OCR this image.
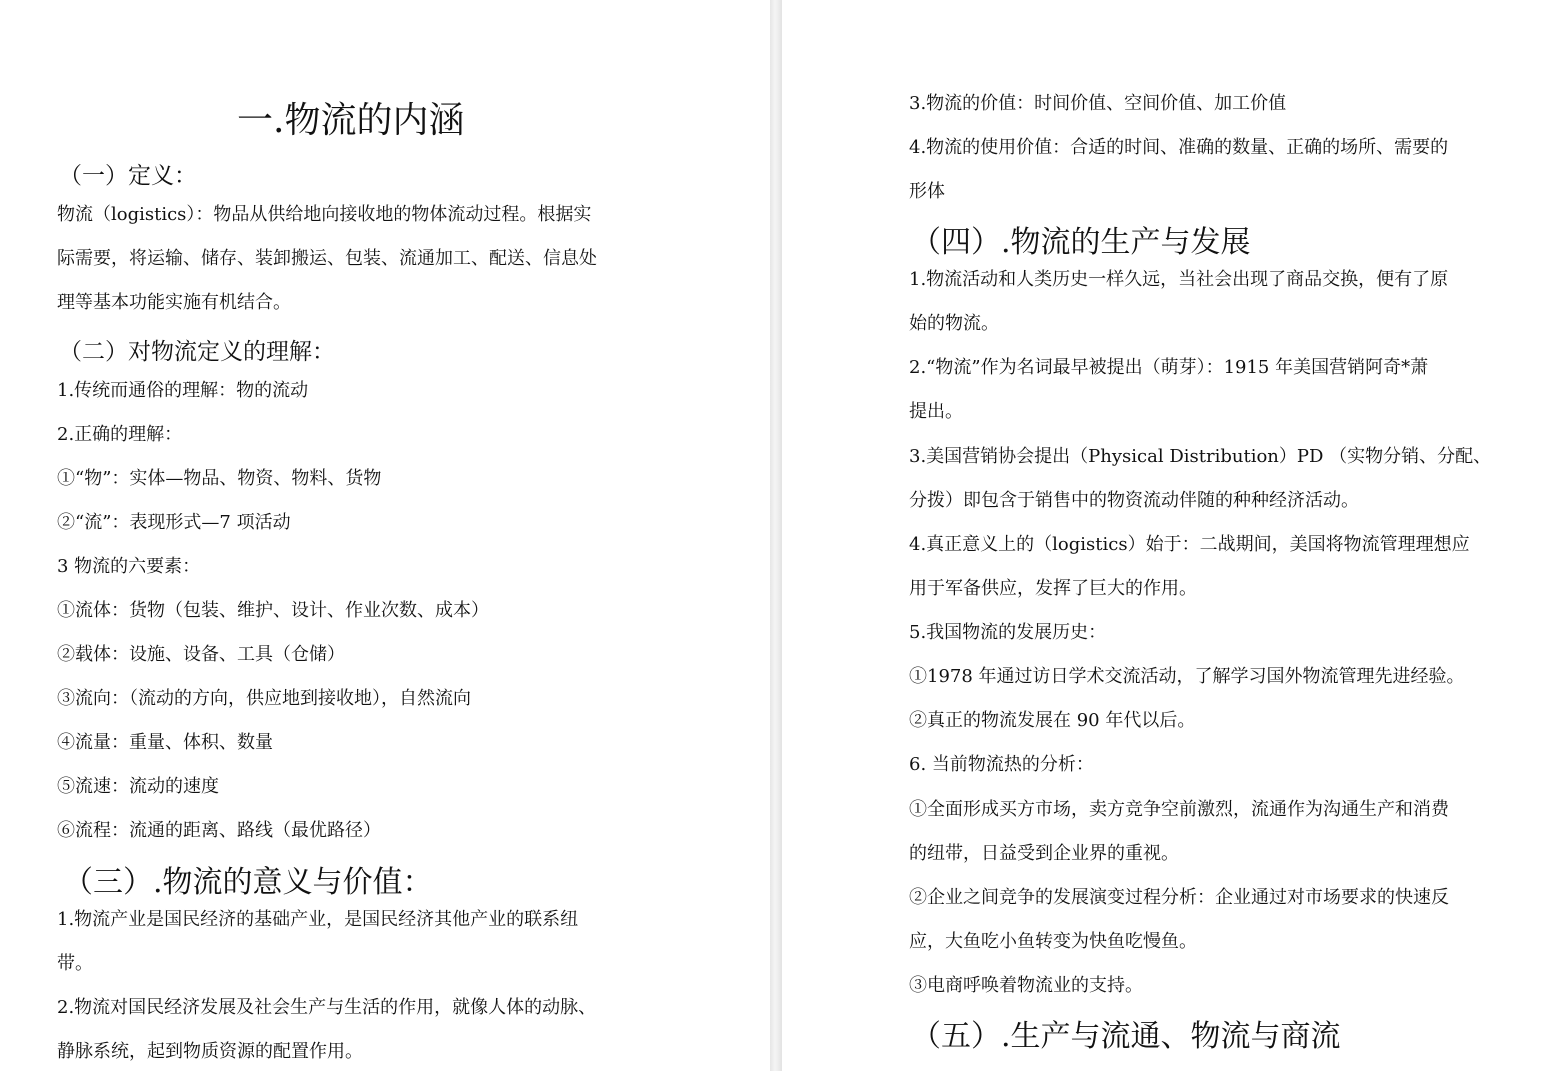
一.物流的内涵
（一）定义：
物流（logistics）：物品从供给地向接收地的物体流动过程。根据实
际需要，将运输、储存、装卸搬运、包装、流通加工、配送、信息处
理等基本功能实施有机结合。
（二）对物流定义的理解：
1.传统而通俗的理解：物的流动
2.正确的理解：
①“物”：实体—物品、物资、物料、货物
②“流”：表现形式—7 项活动
3 物流的六要素：
①流体：货物（包装、维护、设计、作业次数、成本）
②载体：设施、设备、工具（仓储）
③流向：（流动的方向，供应地到接收地），自然流向
④流量：重量、体积、数量
⑤流速：流动的速度
⑥流程：流通的距离、路线（最优路径）
（三）.物流的意义与价值：
1.物流产业是国民经济的基础产业，是国民经济其他产业的联系纽
带。
2.物流对国民经济发展及社会生产与生活的作用，就像人体的动脉、
静脉系统，起到物质资源的配置作用。
3.物流的价值：时间价值、空间价值、加工价值
4.物流的使用价值：合适的时间、准确的数量、正确的场所、需要的
形体
（四）.物流的生产与发展
1.物流活动和人类历史一样久远，当社会出现了商品交换，便有了原
始的物流。
2.“物流”作为名词最早被提出（萌芽）：1915 年美国营销阿奇*萧
提出。
3.美国营销协会提出（Physical Distribution）PD （实物分销、分配、
分拨）即包含于销售中的物资流动伴随的种种经济活动。
4.真正意义上的（logistics）始于：二战期间，美国将物流管理理想应
用于军备供应，发挥了巨大的作用。
5.我国物流的发展历史：
①1978 年通过访日学术交流活动，了解学习国外物流管理先进经验。
②真正的物流发展在 90 年代以后。
6. 当前物流热的分析：
①全面形成买方市场，卖方竞争空前激烈，流通作为沟通生产和消费
的纽带，日益受到企业界的重视。
②企业之间竞争的发展演变过程分析：企业通过对市场要求的快速反
应，大鱼吃小鱼转变为快鱼吃慢鱼。
③电商呼唤着物流业的支持。
（五）.生产与流通、物流与商流
